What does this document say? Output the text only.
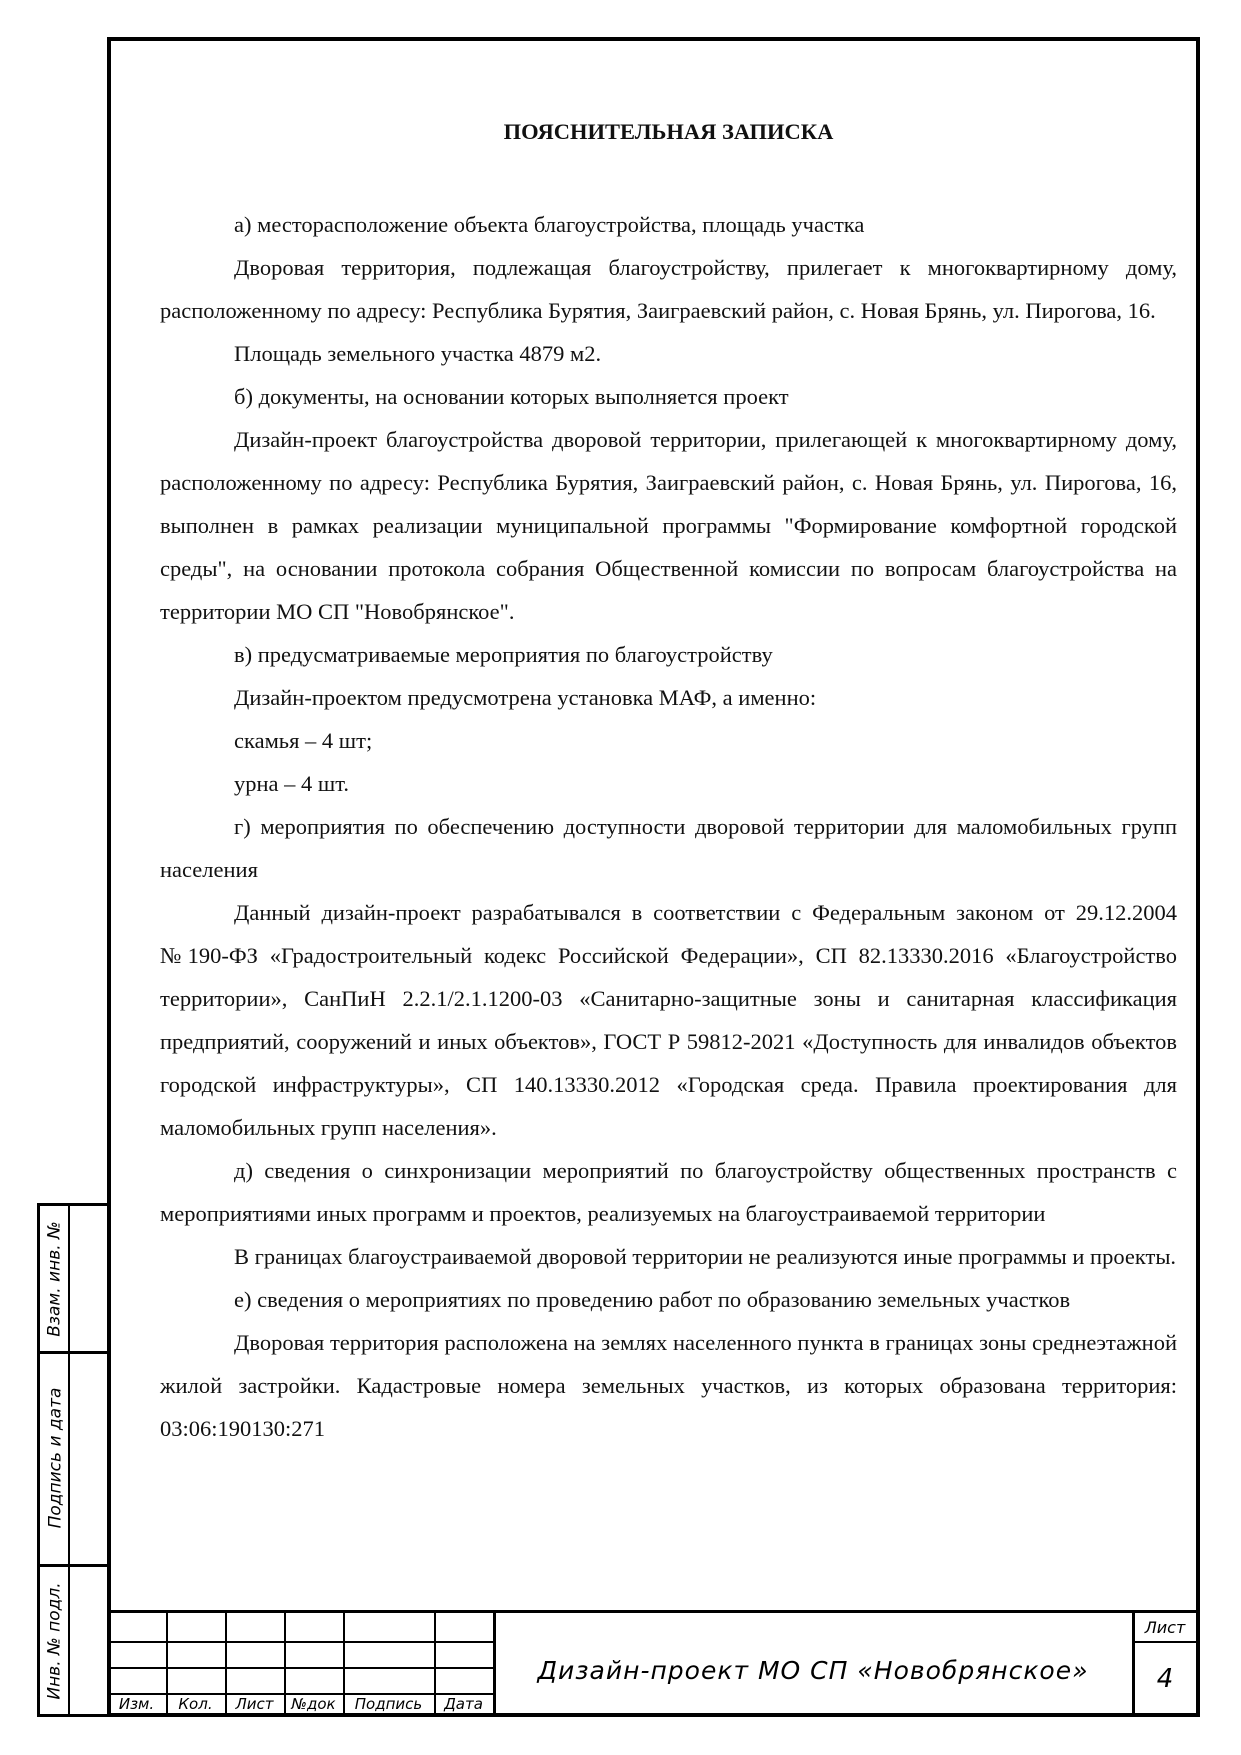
ПОЯСНИТЕЛЬНАЯ ЗАПИСКА

а) месторасположение объекта благоустройства, площадь участка

Дворовая территория, подлежащая благоустройству, прилегает к многоквартирному дому, расположенному по адресу: Республика Бурятия, Заиграевский район, с. Новая Брянь, ул. Пирогова, 16.

Площадь земельного участка 4879 м2.

б) документы, на основании которых выполняется проект

Дизайн-проект благоустройства дворовой территории, прилегающей к многоквартирному дому, расположенному по адресу: Республика Бурятия, Заиграевский район, с. Новая Брянь, ул. Пирогова, 16, выполнен в рамках реализации муниципальной программы "Формирование комфортной городской среды", на основании протокола собрания Общественной комиссии по вопросам благоустройства на территории МО СП "Новобрянское".

в) предусматриваемые мероприятия по благоустройству

Дизайн-проектом предусмотрена установка МАФ, а именно:

скамья – 4 шт;

урна – 4 шт.

г) мероприятия по обеспечению доступности дворовой территории для маломобильных групп населения

Данный дизайн-проект разрабатывался в соответствии с Федеральным законом от 29.12.2004 №190-ФЗ «Градостроительный кодекс Российской Федерации», СП 82.13330.2016 «Благоустройство территории», СанПиН 2.2.1/2.1.1200-03 «Санитарно-защитные зоны и санитарная классификация предприятий, сооружений и иных объектов», ГОСТ Р 59812-2021 «Доступность для инвалидов объектов городской инфраструктуры», СП 140.13330.2012 «Городская среда. Правила проектирования для маломобильных групп населения».

д) сведения о синхронизации мероприятий по благоустройству общественных пространств с мероприятиями иных программ и проектов, реализуемых на благоустраиваемой территории

В границах благоустраиваемой дворовой территории не реализуются иные программы и проекты.

е) сведения о мероприятиях по проведению работ по образованию земельных участков

Дворовая территория расположена на землях населенного пункта в границах зоны среднеэтажной жилой застройки. Кадастровые номера земельных участков, из которых образована территория: 03:06:190130:271

Взам. инв. №
Подпись и дата
Инв. № подл.
Изм.	Кол.	Лист	№док	Подпись	Дата
Дизайн-проект МО СП «Новобрянское»
Лист
4
